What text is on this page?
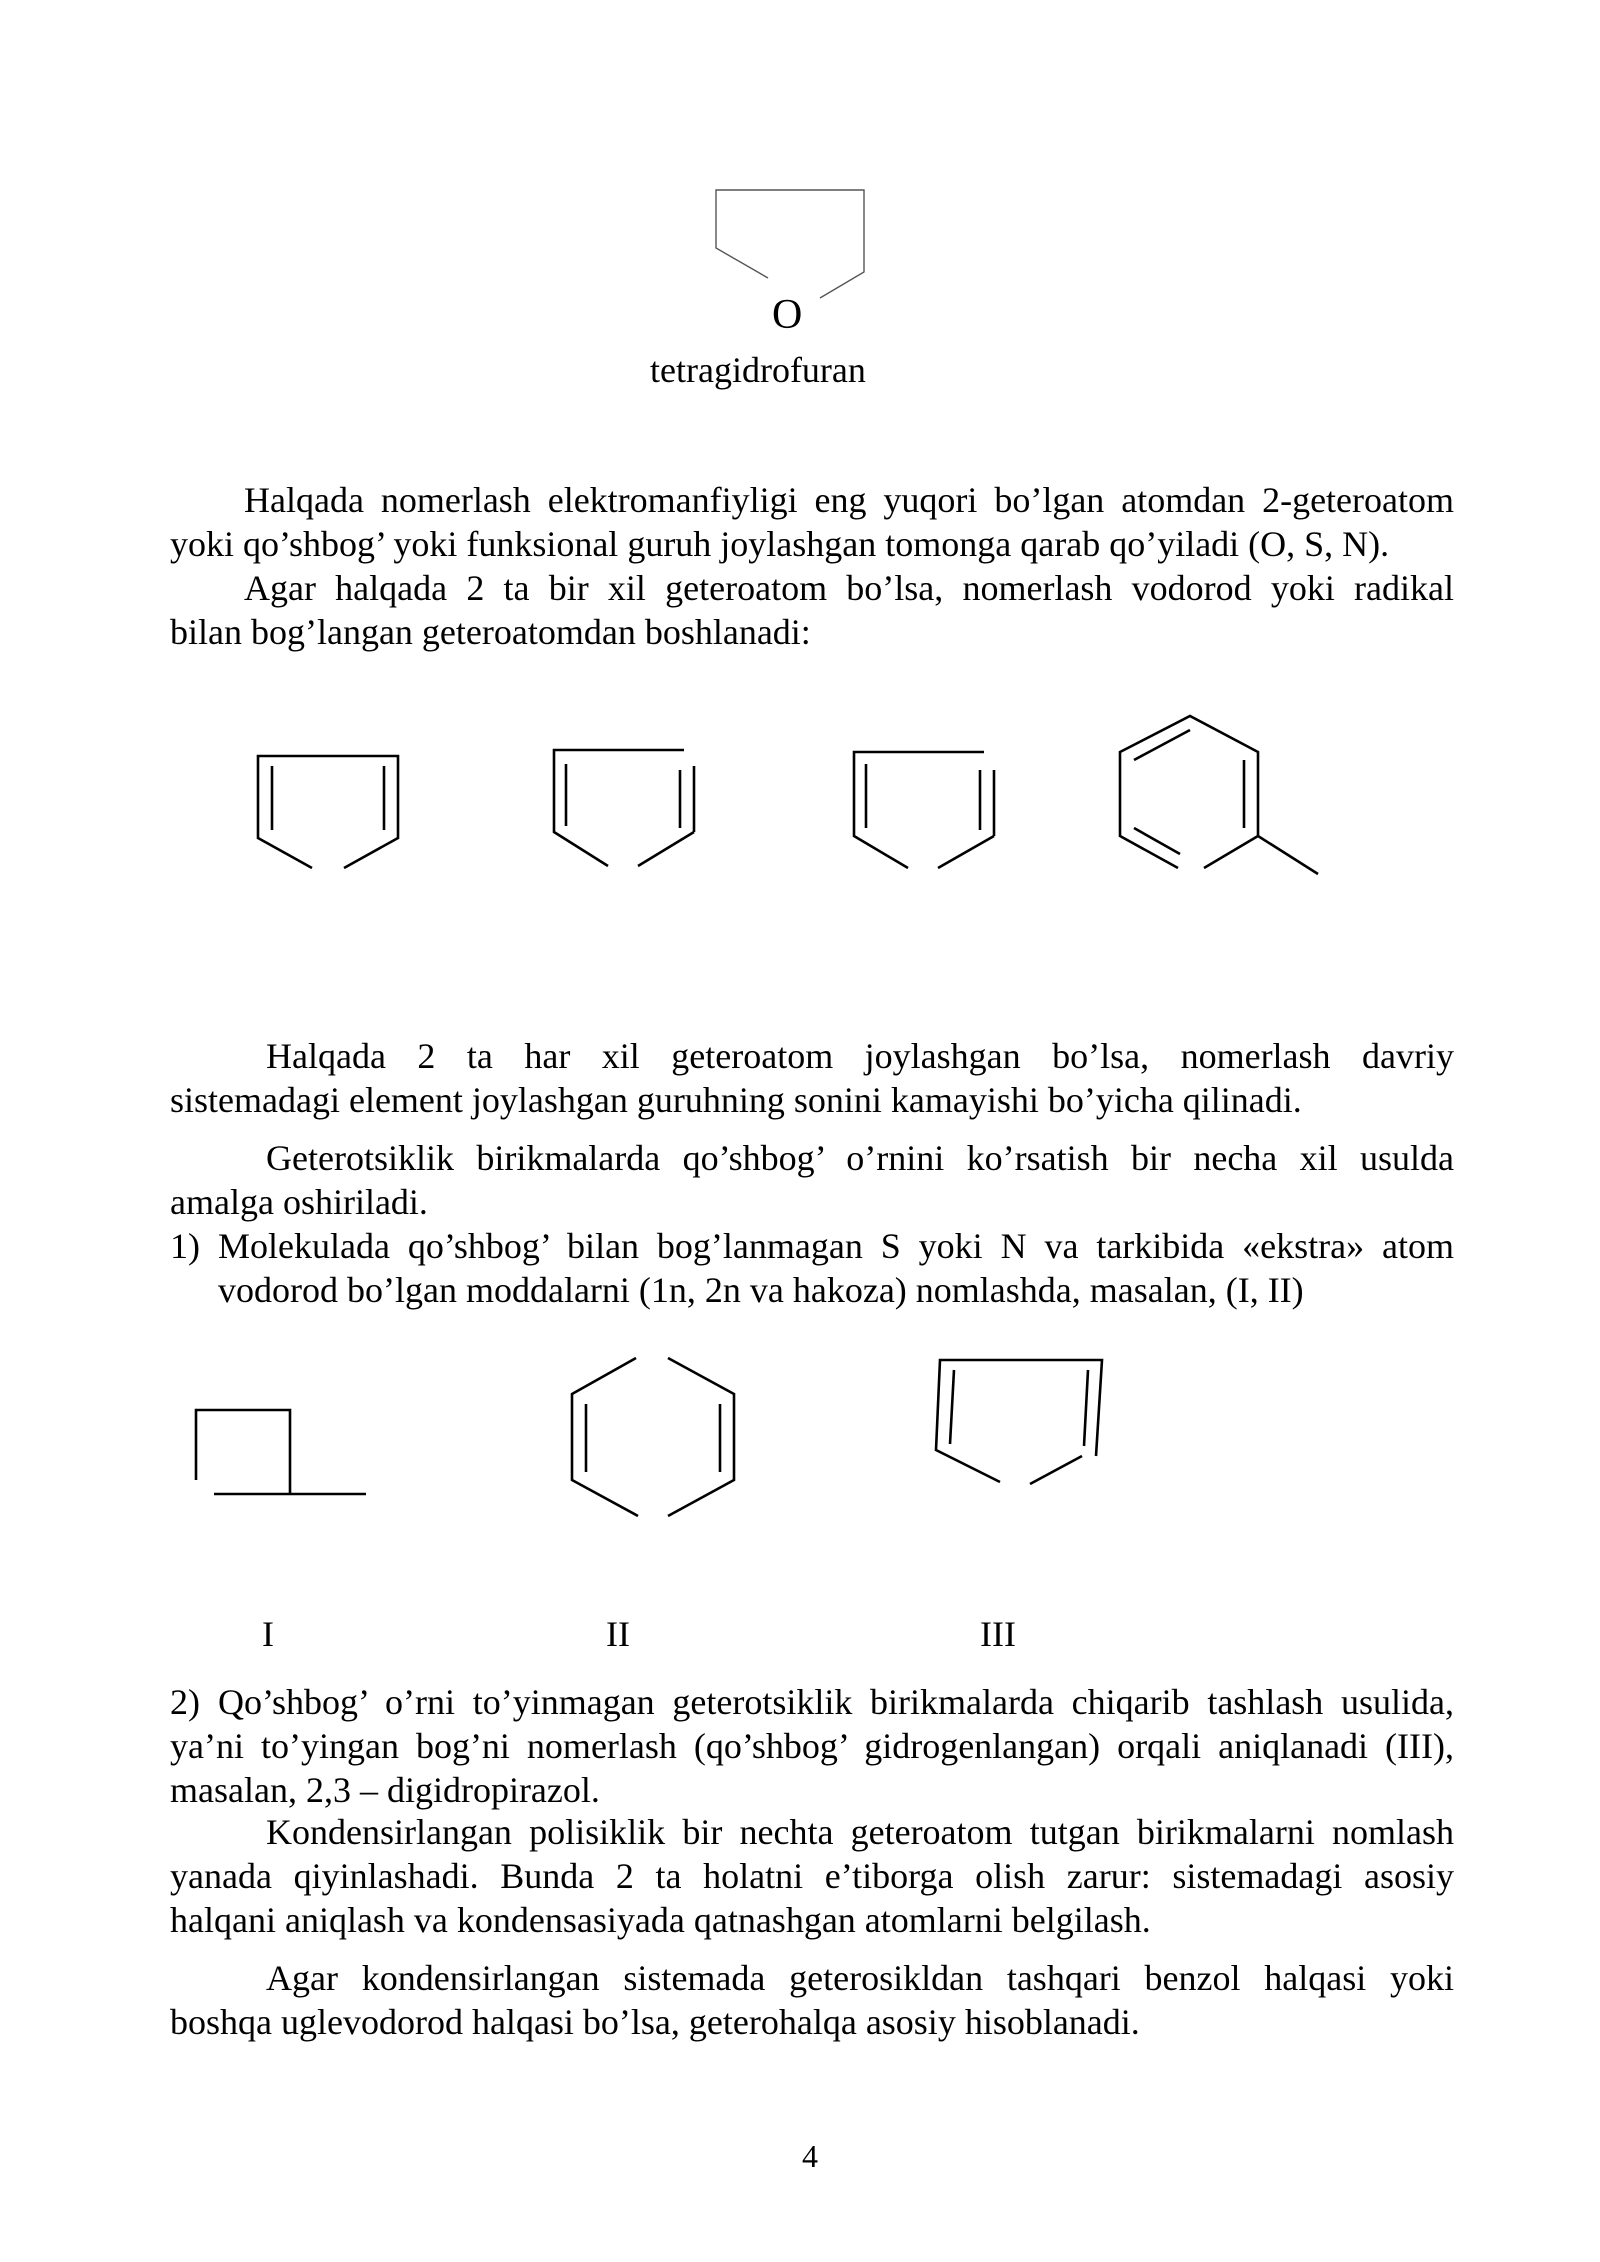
O
tetragidrofuran
Halqada nomerlash elektromanfiyligi eng yuqori bo’lgan atomdan 2-geteroatom
yoki qo’shbog’ yoki funksional guruh joylashgan tomonga qarab qo’yiladi (O, S, N).
Agar halqada 2 ta bir xil geteroatom bo’lsa, nomerlash vodorod yoki radikal
bilan bog’langan geteroatomdan boshlanadi:
Halqada 2 ta har xil geteroatom joylashgan bo’lsa, nomerlash davriy
sistemadagi element joylashgan guruhning sonini kamayishi bo’yicha qilinadi.
Geterotsiklik birikmalarda qo’shbog’ o’rnini ko’rsatish bir necha xil usulda
amalga oshiriladi.
1) Molekulada qo’shbog’ bilan bog’lanmagan S yoki N va tarkibida «ekstra» atom
vodorod bo’lgan moddalarni (1n, 2n va hakoza) nomlashda, masalan, (I, II)
I	II	III
2) Qo’shbog’ o’rni to’yinmagan geterotsiklik birikmalarda chiqarib tashlash usulida,
ya’ni to’yingan bog’ni nomerlash (qo’shbog’ gidrogenlangan) orqali aniqlanadi (III),
masalan, 2,3 – digidropirazol.
Kondensirlangan polisiklik bir nechta geteroatom tutgan birikmalarni nomlash
yanada qiyinlashadi. Bunda 2 ta holatni e’tiborga olish zarur: sistemadagi asosiy
halqani aniqlash va kondensasiyada qatnashgan atomlarni belgilash.
Agar kondensirlangan sistemada geterosikldan tashqari benzol halqasi yoki
boshqa uglevodorod halqasi bo’lsa, geterohalqa asosiy hisoblanadi.
4
